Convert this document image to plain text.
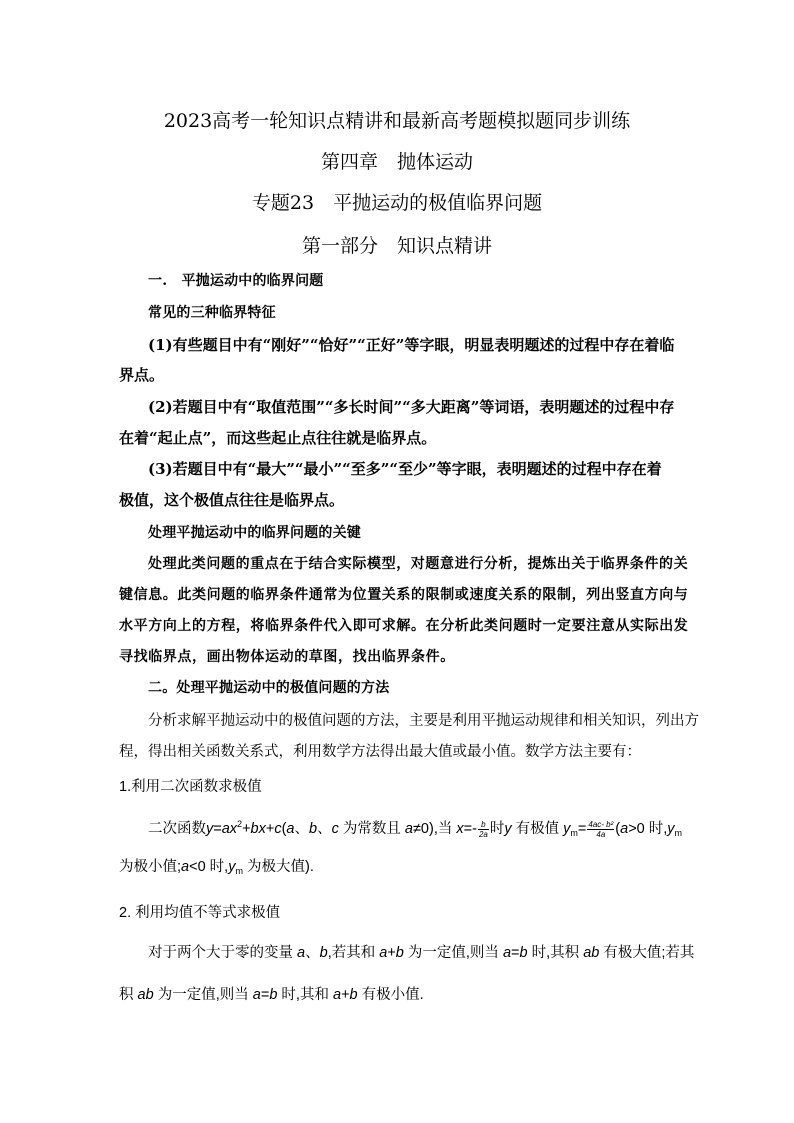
2023高考一轮知识点精讲和最新高考题模拟题同步训练
第四章　抛体运动
专题23　平抛运动的极值临界问题
第一部分　知识点精讲
一.　平抛运动中的临界问题
常见的三种临界特征
(1)有些题目中有“刚好”“恰好”“正好”等字眼，明显表明题述的过程中存在着临
界点。
(2)若题目中有“取值范围”“多长时间”“多大距离”等词语，表明题述的过程中存
在着“起止点”，而这些起止点往往就是临界点。
(3)若题目中有“最大”“最小”“至多”“至少”等字眼，表明题述的过程中存在着
极值，这个极值点往往是临界点。
处理平抛运动中的临界问题的关键
处理此类问题的重点在于结合实际模型，对题意进行分析，提炼出关于临界条件的关
键信息。此类问题的临界条件通常为位置关系的限制或速度关系的限制，列出竖直方向与
水平方向上的方程，将临界条件代入即可求解。在分析此类问题时一定要注意从实际出发
寻找临界点，画出物体运动的草图，找出临界条件。
二。处理平抛运动中的极值问题的方法
分析求解平抛运动中的极值问题的方法，主要是利用平抛运动规律和相关知识，列出方
程，得出相关函数关系式，利用数学方法得出最大值或最小值。数学方法主要有：
1.利用二次函数求极值
二次函数$y=ax^2+bx+c(a$、b、c 为常数且 a≠0),当 $x=- \frac{b}{2a}$ 时y 有极值 $y_m= \frac{\text{4ac- b²}}{4a} (a>0$ 时$,y_m$
为极小值;a<0 时$,y_m$ 为极大值).
2. 利用均值不等式求极值
对于两个大于零的变量 a、b,若其和 a+b 为一定值,则当 a=b 时,其积 ab 有极大值;若其
积 ab 为一定值,则当 a=b 时,其和 a+b 有极小值.
